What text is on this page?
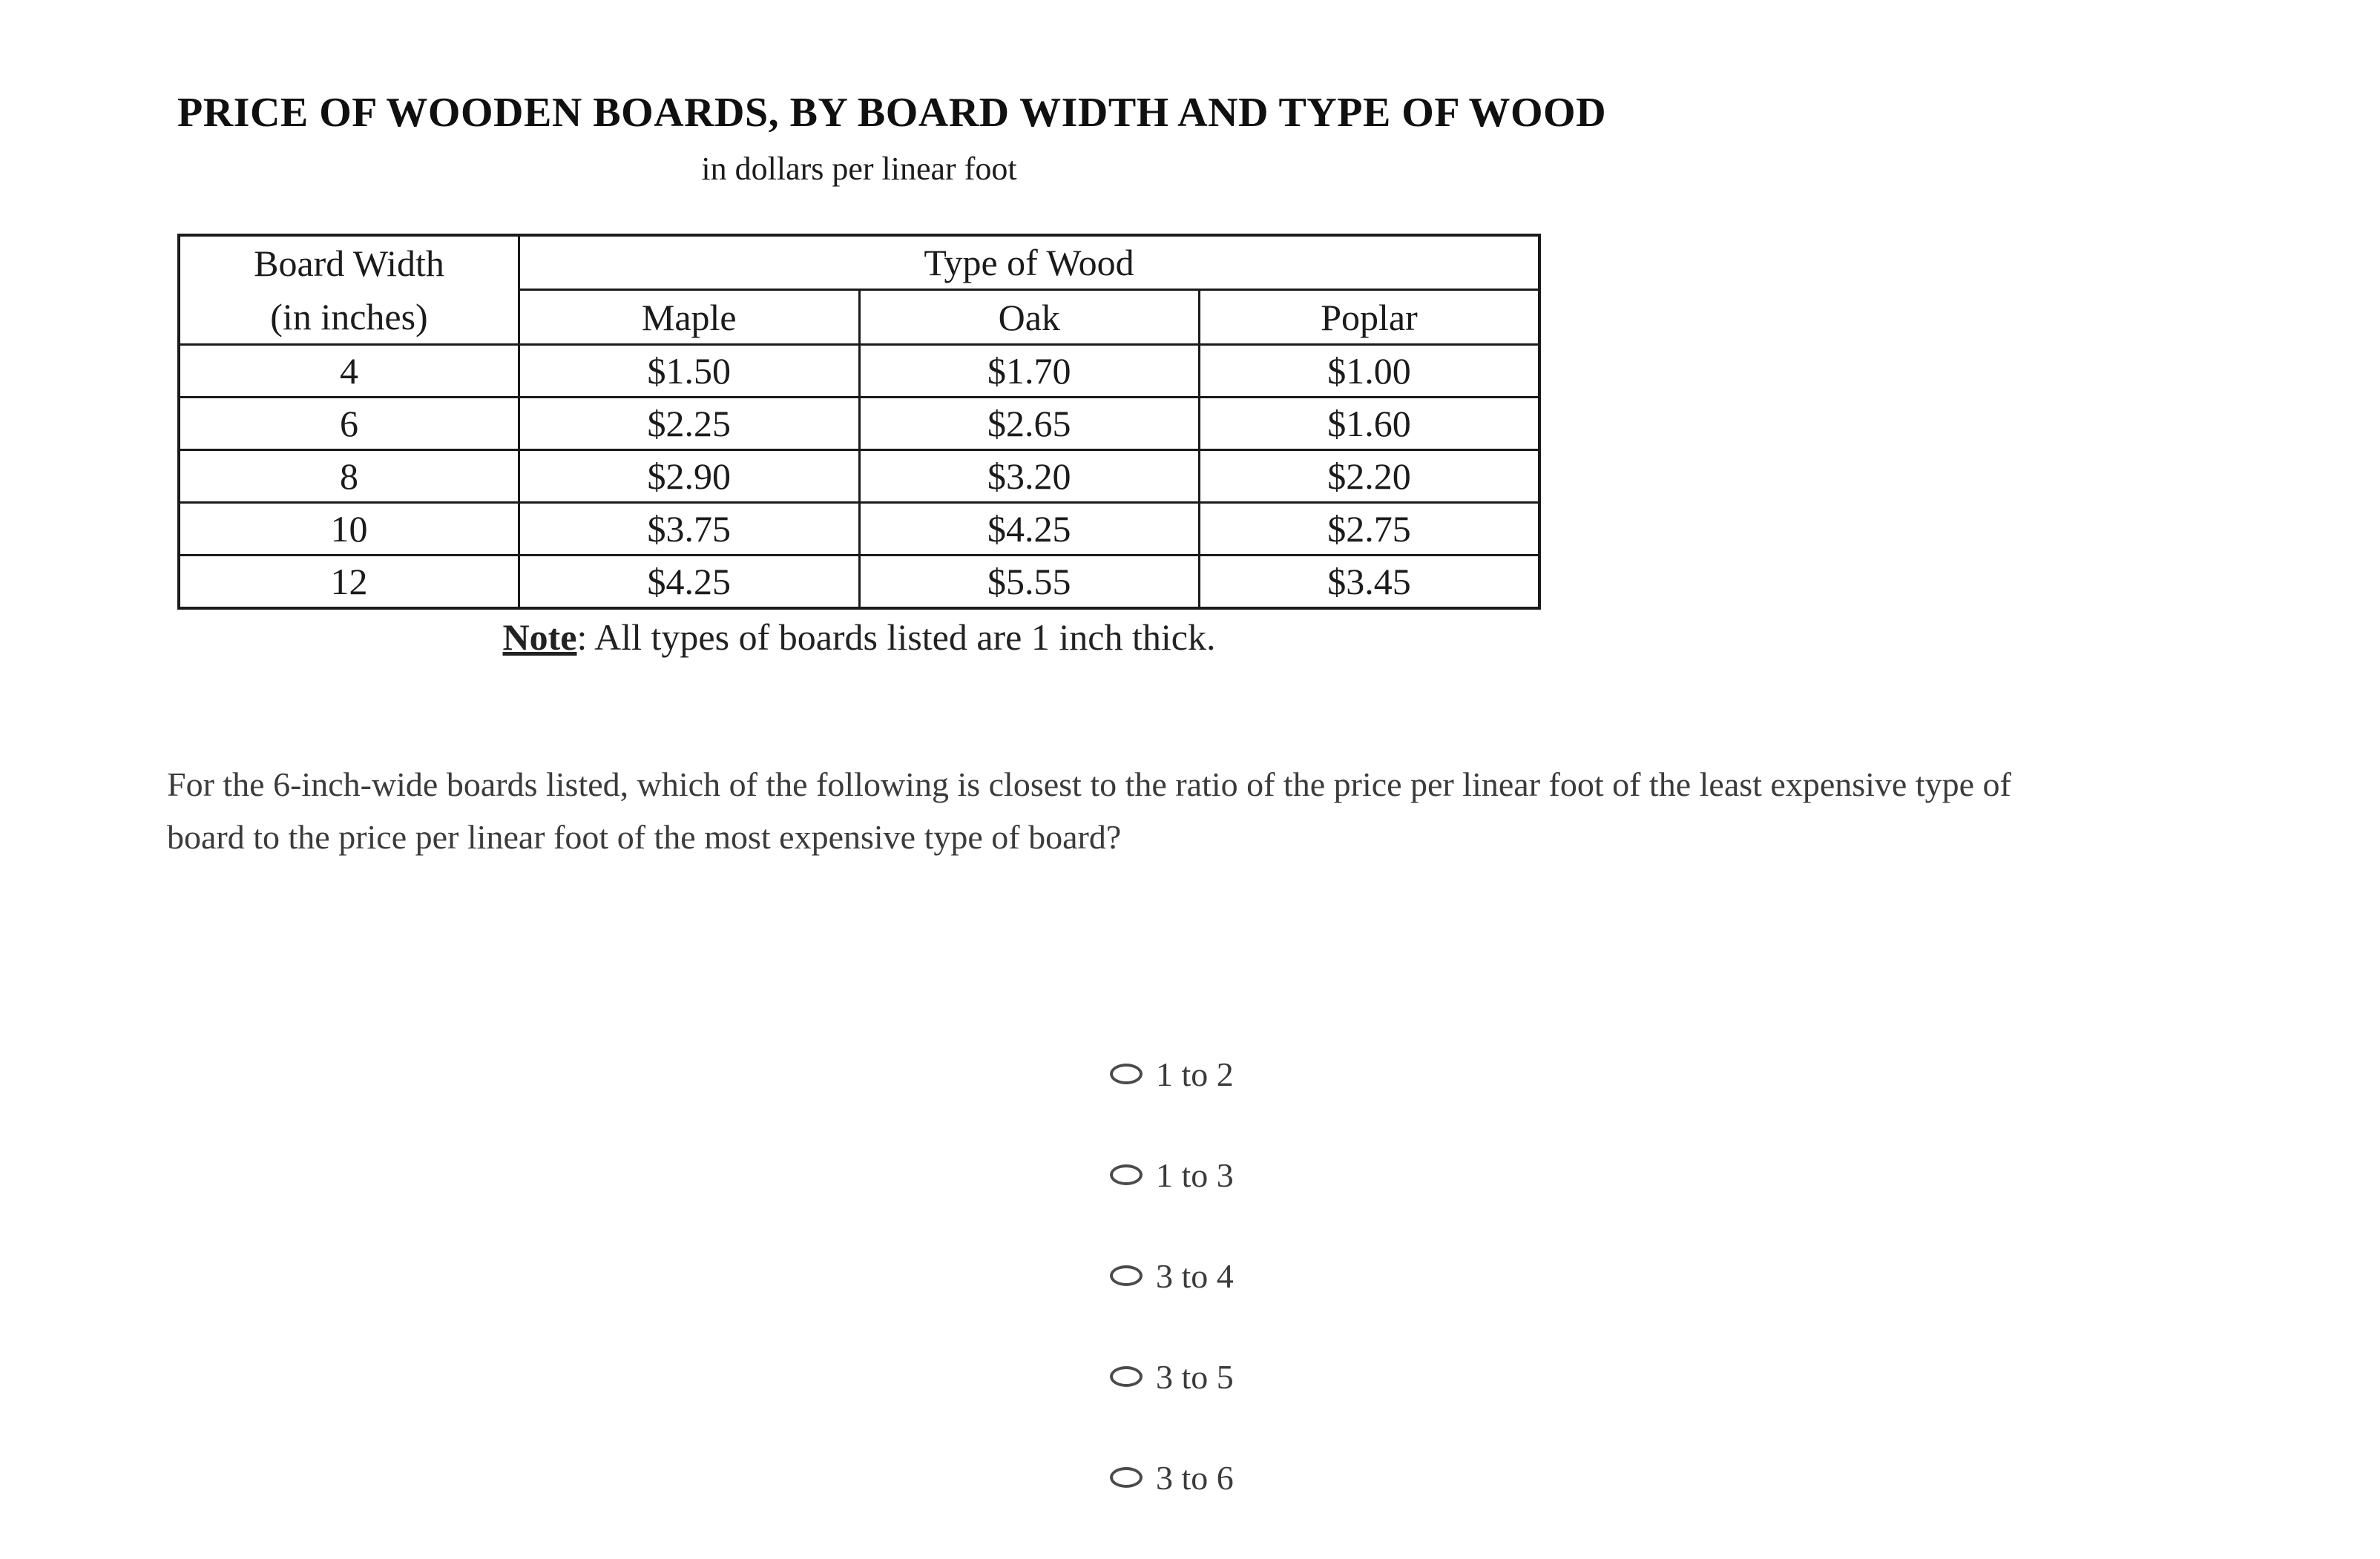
PRICE OF WOODEN BOARDS, BY BOARD WIDTH AND TYPE OF WOOD
in dollars per linear foot
Board Width
(in inches)	Type of Wood		
	Maple	Oak	Poplar
4	$1.50	$1.70	$1.00
6	$2.25	$2.65	$1.60
8	$2.90	$3.20	$2.20
10	$3.75	$4.25	$2.75
12	$4.25	$5.55	$3.45
Note: All types of boards listed are 1 inch thick.
For the 6-inch-wide boards listed, which of the following is closest to the ratio of the price per linear foot of the least expensive type of
board to the price per linear foot of the most expensive type of board?
1 to 2
1 to 3
3 to 4
3 to 5
3 to 6
